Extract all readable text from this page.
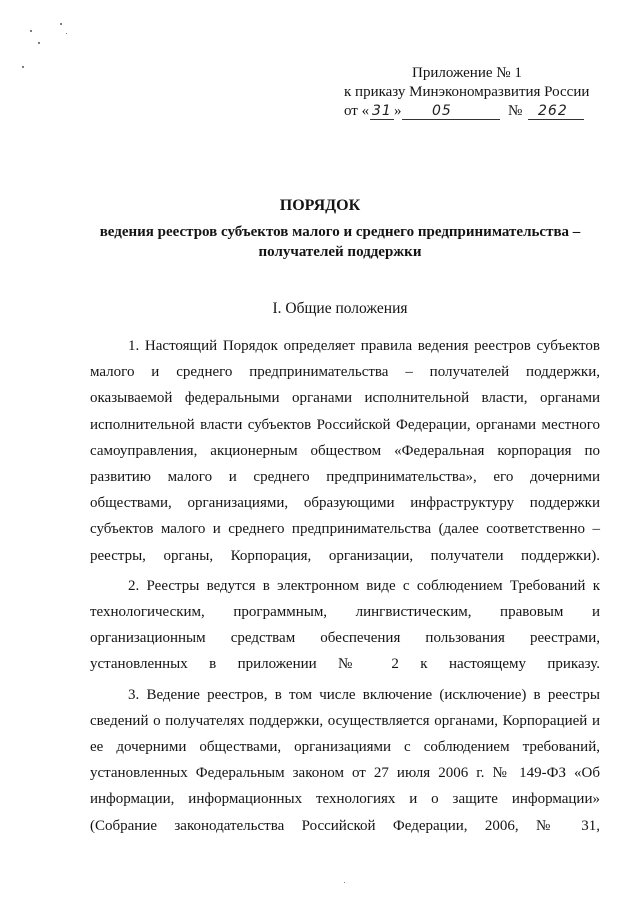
Приложение № 1
к приказу Минэкономразвития России
от « 31 » 05	№ 262
ПОРЯДОК
ведения реестров субъектов малого и среднего предпринимательства – получателей поддержки
I. Общие положения

1. Настоящий Порядок определяет правила ведения реестров субъектов малого и среднего предпринимательства – получателей поддержки, оказываемой федеральными органами исполнительной власти, органами исполнительной власти субъектов Российской Федерации, органами местного самоуправления, акционерным обществом «Федеральная корпорация по развитию малого и среднего предпринимательства», его дочерними обществами, организациями, образующими инфраструктуру поддержки субъектов малого и среднего предпринимательства (далее соответственно – реестры, органы, Корпорация, организации, получатели поддержки).

2. Реестры ведутся в электронном виде с соблюдением Требований к технологическим, программным, лингвистическим, правовым и организационным средствам обеспечения пользования реестрами, установленных в приложении № 2 к настоящему приказу.

3. Ведение реестров, в том числе включение (исключение) в реестры сведений о получателях поддержки, осуществляется органами, Корпорацией и ее дочерними обществами, организациями с соблюдением требований, установленных Федеральным законом от 27 июля 2006 г. № 149-ФЗ «Об информации, информационных технологиях и о защите информации» (Собрание законодательства Российской Федерации, 2006, № 31,
